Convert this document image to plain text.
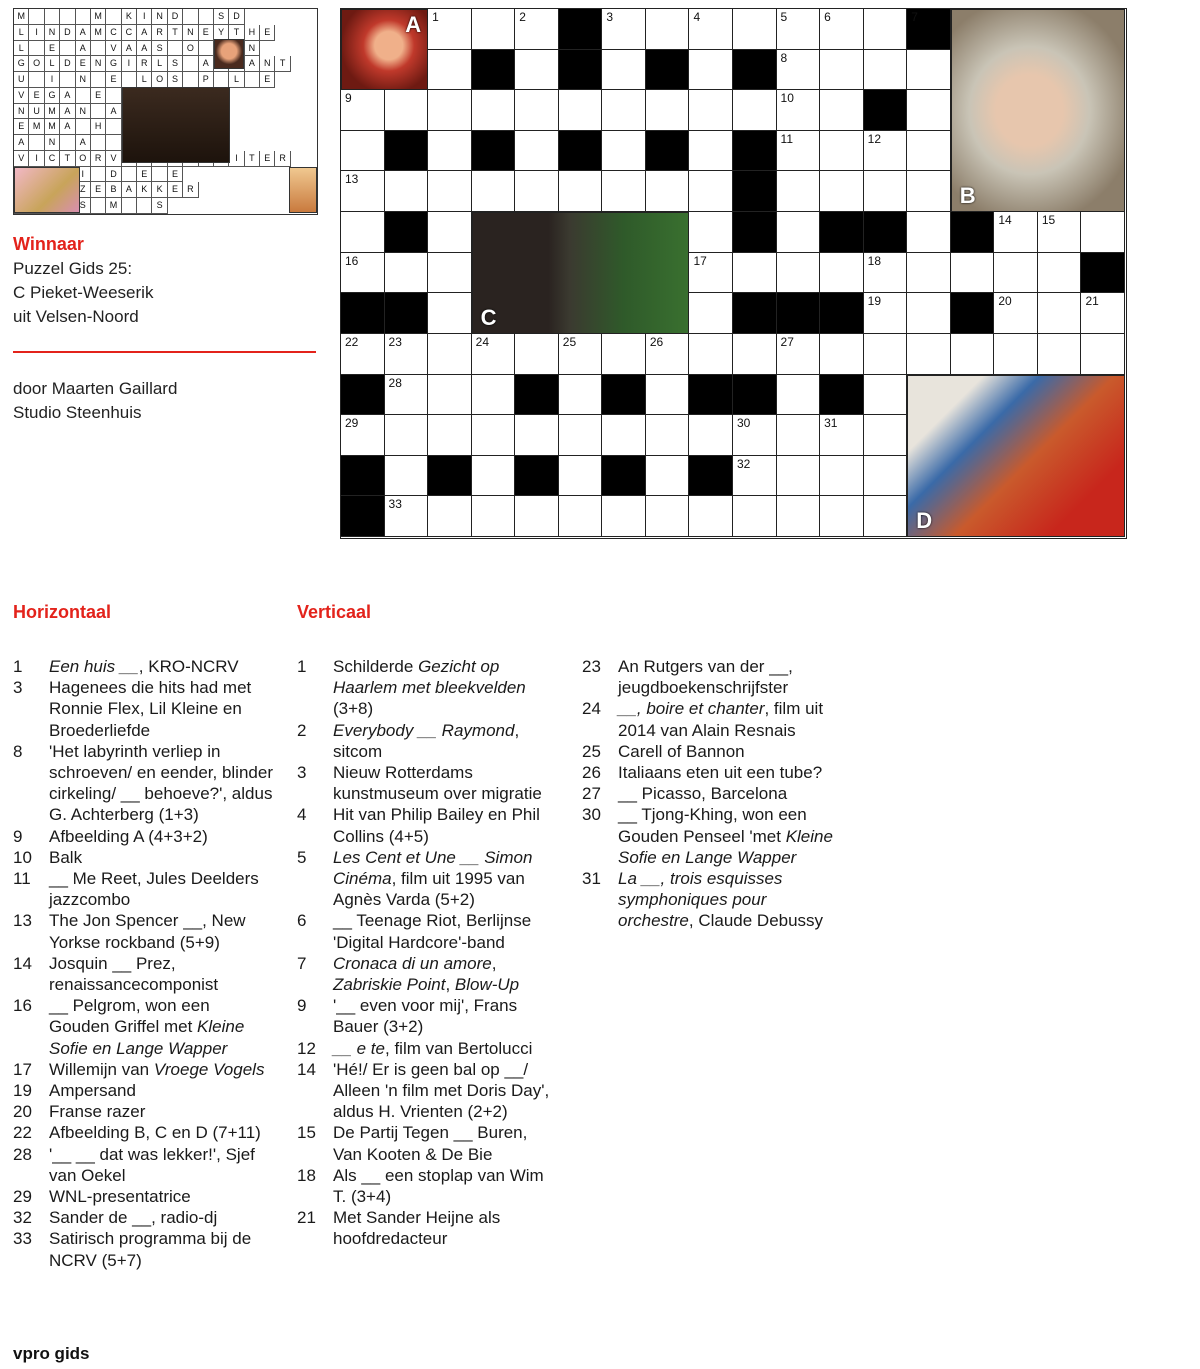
M	M	K	I	N D	S	D
L	I	N D	A M C C	A	R	T	N	E	Y	T	H	E
L	E	A	V	A	A	S	O	N
G O	L	D	E	N G	I	R	L	S	A	A	N	T
U	I	N	E	L	O S	P	L	E
V	E G A	E
N U M A	N	A
E M M A	H
A	N	A
V	I	C	T	O R	V	I	T	E	R
I	D	E	E
Z	E	B	A	K	K	E	R
S	M	S
1	2	3	4	5	6	7
8
9	10
11	12
13
14	15
16	17	18
19	20	21
22	23	24	25	26	27
28
29	30	31
32
33
A
B
C
D
Winnaar
Puzzel Gids 25:
C Pieket-Weeserik
uit Velsen-Noord
door Maarten Gaillard
Studio Steenhuis
Horizontaal	Verticaal
1 Een huis __, KRO-NCRV
3 Hagenees die hits had met Ronnie Flex, Lil Kleine en Broederliefde
8 'Het labyrinth verliep in schroeven/ en eender, blinder cirkeling/ __ behoeve?', aldus G. Achterberg (1+3)
9 Afbeelding A (4+3+2)
10 Balk
11 __ Me Reet, Jules Deelders jazzcombo
13 The Jon Spencer __, New Yorkse rockband (5+9)
14 Josquin __ Prez, renaissancecomponist
16 __ Pelgrom, won een Gouden Griffel met Kleine Sofie en Lange Wapper
17 Willemijn van Vroege Vogels
19 Ampersand
20 Franse razer
22 Afbeelding B, C en D (7+11)
28 '__ __ dat was lekker!', Sjef van Oekel
29 WNL-presentatrice
32 Sander de __, radio-dj
33 Satirisch programma bij de NCRV (5+7)
1 Schilderde Gezicht op Haarlem met bleekvelden (3+8)
2 Everybody __ Raymond, sitcom
3 Nieuw Rotterdams kunstmuseum over migratie
4 Hit van Philip Bailey en Phil Collins (4+5)
5 Les Cent et Une __ Simon Cinéma, film uit 1995 van Agnès Varda (5+2)
6 __ Teenage Riot, Berlijnse 'Digital Hardcore'-band
7 Cronaca di un amore, Zabriskie Point, Blow-Up
9 '__ even voor mij', Frans Bauer (3+2)
12 __ e te, film van Bertolucci
14 'Hé!/ Er is geen bal op __/ Alleen 'n film met Doris Day', aldus H. Vrienten (2+2)
15 De Partij Tegen __ Buren, Van Kooten & De Bie
18 Als __ een stoplap van Wim T. (3+4)
21 Met Sander Heijne als hoofdredacteur
23 An Rutgers van der __, jeugdboekenschrijfster
24 __, boire et chanter, film uit 2014 van Alain Resnais
25 Carell of Bannon
26 Italiaans eten uit een tube?
27 __ Picasso, Barcelona
30 __ Tjong-Khing, won een Gouden Penseel 'met Kleine Sofie en Lange Wapper
31 La __, trois esquisses symphoniques pour orchestre, Claude Debussy
vpro gids
